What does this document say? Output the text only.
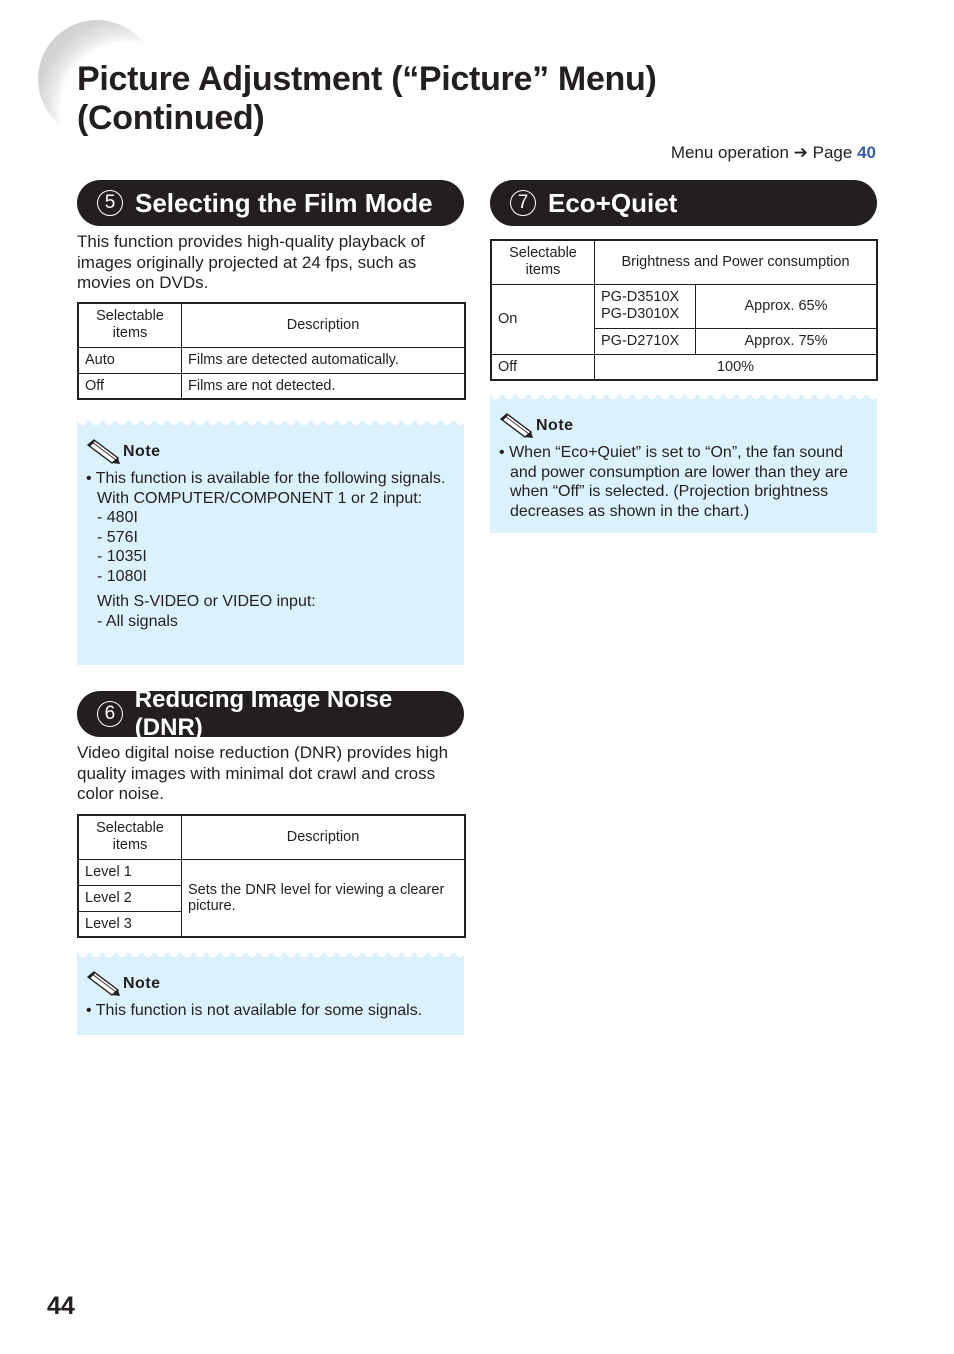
Picture Adjustment (“Picture” Menu)
(Continued)
Menu operation ➔ Page 40
5 Selecting the Film Mode

This function provides high-quality playback of images originally projected at 24 fps, such as movies on DVDs.

Selectable items	Description
Auto	Films are detected automatically.
Off	Films are not detected.
Note
• This function is available for the following signals.
With COMPUTER/COMPONENT 1 or 2 input:
- 480I
- 576I
- 1035I
- 1080I
With S-VIDEO or VIDEO input:
- All signals
6
Reducing Image Noise (DNR)

Video digital noise reduction (DNR) provides high quality images with minimal dot crawl and cross color noise.

Selectable items	Description
Level 1	Sets the DNR level for viewing a clearer picture.
Level 2	
Level 3	
Note
• This function is not available for some signals.
7 Eco+Quiet
Selectable items	Brightness and Power consumption	
On	PG-D3510X PG-D3010X	Approx. 65%
	PG-D2710X	Approx. 75%
Off	100%	
Note
• When “Eco+Quiet” is set to “On”, the fan sound and power consumption are lower than they are when “Off” is selected. (Projection brightness decreases as shown in the chart.)
44
